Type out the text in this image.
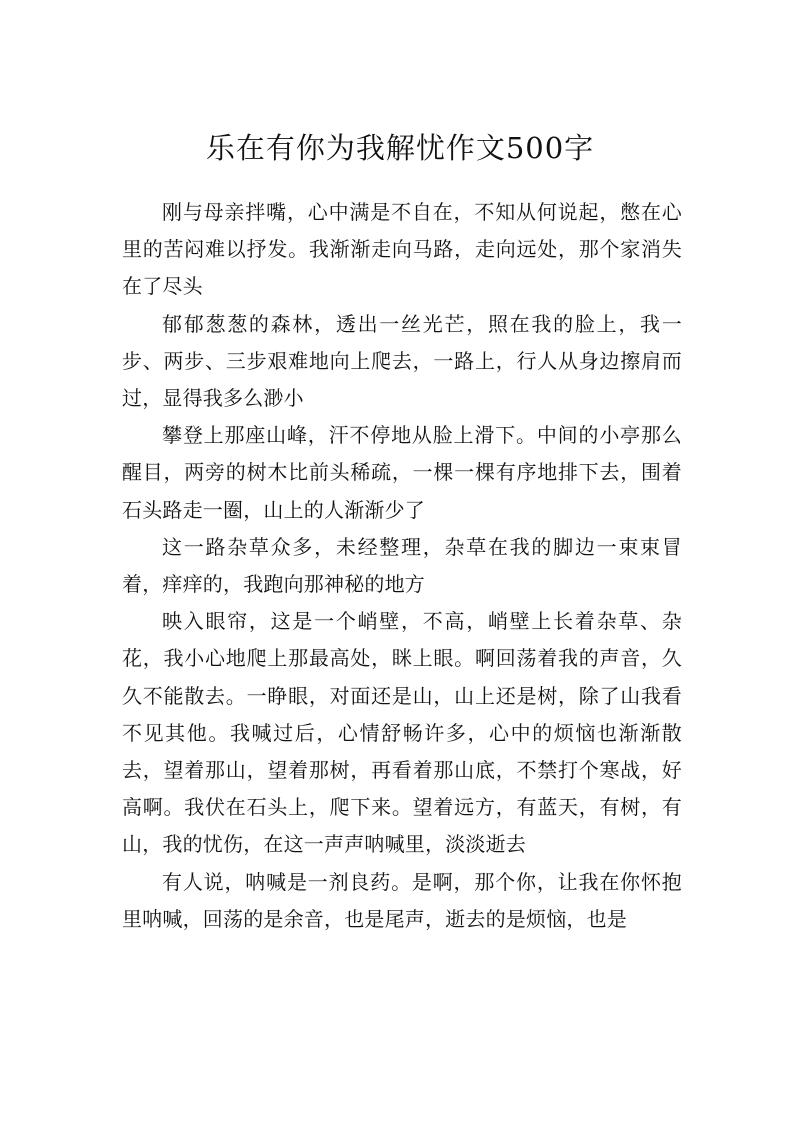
乐在有你为我解忧作文500字

刚与母亲拌嘴，心中满是不自在，不知从何说起，憋在心里的苦闷难以抒发。我渐渐走向马路，走向远处，那个家消失在了尽头

郁郁葱葱的森林，透出一丝光芒，照在我的脸上，我一步、两步、三步艰难地向上爬去，一路上，行人从身边擦肩而过，显得我多么渺小

攀登上那座山峰，汗不停地从脸上滑下。中间的小亭那么醒目，两旁的树木比前头稀疏，一棵一棵有序地排下去，围着石头路走一圈，山上的人渐渐少了

这一路杂草众多，未经整理，杂草在我的脚边一束束冒着，痒痒的，我跑向那神秘的地方

映入眼帘，这是一个峭壁，不高，峭壁上长着杂草、杂花，我小心地爬上那最高处，眯上眼。啊回荡着我的声音，久久不能散去。一睁眼，对面还是山，山上还是树，除了山我看不见其他。我喊过后，心情舒畅许多，心中的烦恼也渐渐散去，望着那山，望着那树，再看着那山底，不禁打个寒战，好高啊。我伏在石头上，爬下来。望着远方，有蓝天，有树，有山，我的忧伤，在这一声声呐喊里，淡淡逝去

有人说，呐喊是一剂良药。是啊，那个你，让我在你怀抱里呐喊，回荡的是余音，也是尾声，逝去的是烦恼，也是
